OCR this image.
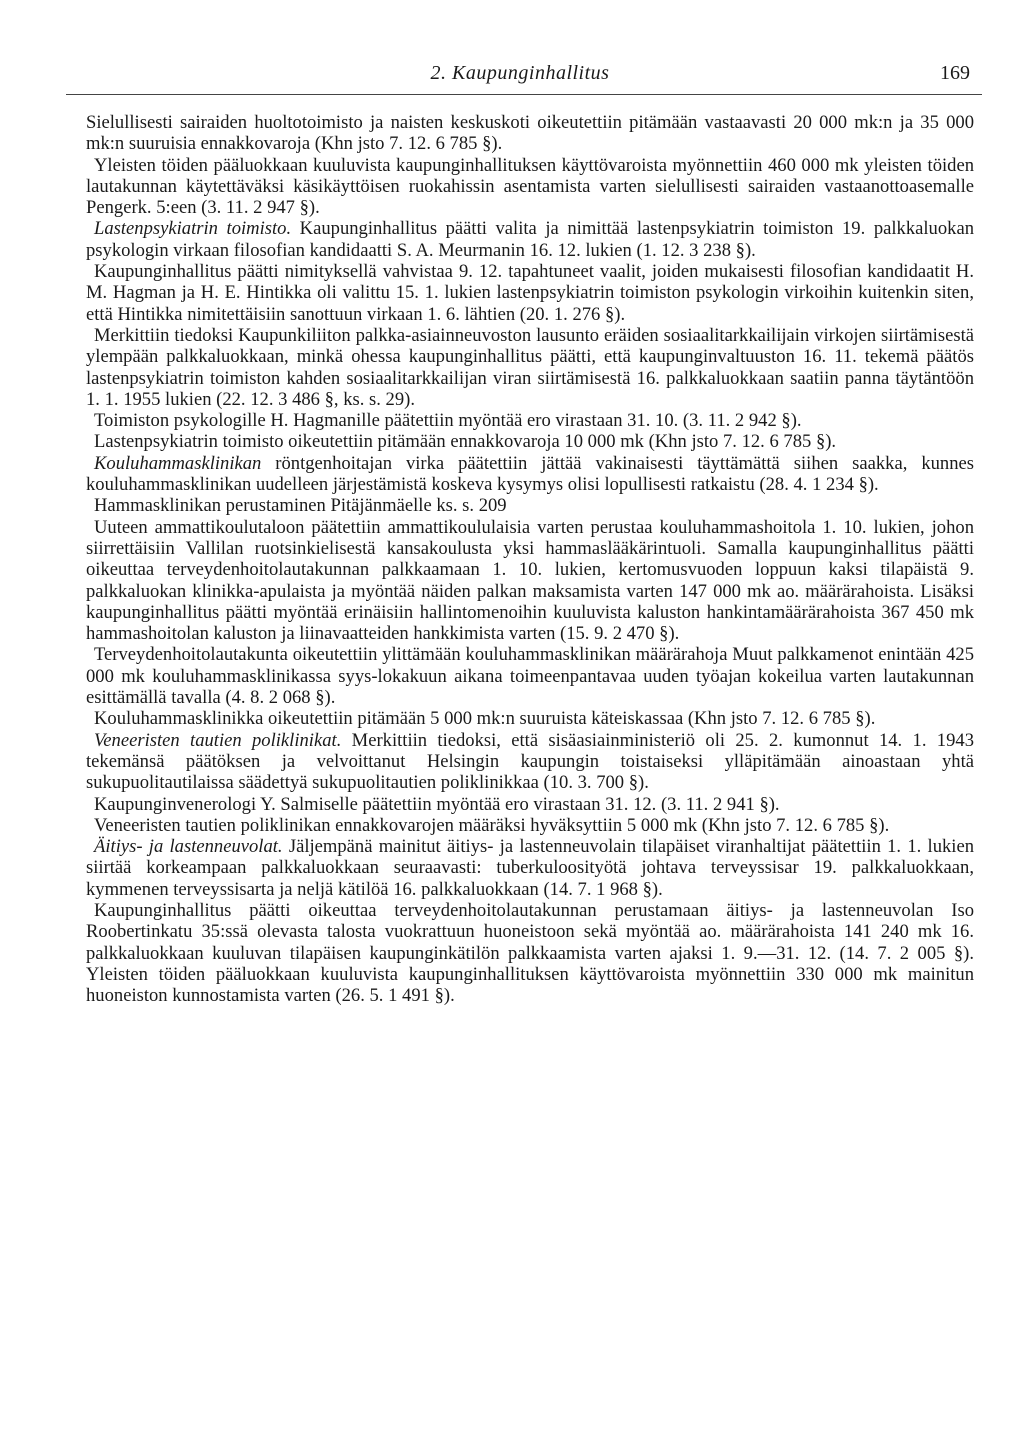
2. Kaupunginhallitus	169

Sielullisesti sairaiden huoltotoimisto ja naisten keskuskoti oikeutettiin pitämään vastaavasti 20 000 mk:n ja 35 000 mk:n suuruisia ennakkovaroja (Khn jsto 7. 12. 6 785 §).

Yleisten töiden pääluokkaan kuuluvista kaupunginhallituksen käyttövaroista myönnettiin 460 000 mk yleisten töiden lautakunnan käytettäväksi käsikäyttöisen ruokahissin asentamista varten sielullisesti sairaiden vastaanottoasemalle Pengerk. 5:een (3. 11. 2 947 §).

Lastenpsykiatrin toimisto. Kaupunginhallitus päätti valita ja nimittää lastenpsykiatrin toimiston 19. palkkaluokan psykologin virkaan filosofian kandidaatti S. A. Meurmanin 16. 12. lukien (1. 12. 3 238 §).

Kaupunginhallitus päätti nimityksellä vahvistaa 9. 12. tapahtuneet vaalit, joiden mukaisesti filosofian kandidaatit H. M. Hagman ja H. E. Hintikka oli valittu 15. 1. lukien lastenpsykiatrin toimiston psykologin virkoihin kuitenkin siten, että Hintikka nimitettäisiin sanottuun virkaan 1. 6. lähtien (20. 1. 276 §).

Merkittiin tiedoksi Kaupunkiliiton palkka-asiainneuvoston lausunto eräiden sosiaalitarkkailijain virkojen siirtämisestä ylempään palkkaluokkaan, minkä ohessa kaupunginhallitus päätti, että kaupunginvaltuuston 16. 11. tekemä päätös lastenpsykiatrin toimiston kahden sosiaalitarkkailijan viran siirtämisestä 16. palkkaluokkaan saatiin panna täytäntöön 1. 1. 1955 lukien (22. 12. 3 486 §, ks. s. 29).

Toimiston psykologille H. Hagmanille päätettiin myöntää ero virastaan 31. 10. (3. 11. 2 942 §).

Lastenpsykiatrin toimisto oikeutettiin pitämään ennakkovaroja 10 000 mk (Khn jsto 7. 12. 6 785 §).

Kouluhammasklinikan röntgenhoitajan virka päätettiin jättää vakinaisesti täyttämättä siihen saakka, kunnes kouluhammasklinikan uudelleen järjestämistä koskeva kysymys olisi lopullisesti ratkaistu (28. 4. 1 234 §).

Hammasklinikan perustaminen Pitäjänmäelle ks. s. 209

Uuteen ammattikoulutaloon päätettiin ammattikoululaisia varten perustaa kouluhammashoitola 1. 10. lukien, johon siirrettäisiin Vallilan ruotsinkielisestä kansakoulusta yksi hammaslääkärintuoli. Samalla kaupunginhallitus päätti oikeuttaa terveydenhoitolautakunnan palkkaamaan 1. 10. lukien, kertomusvuoden loppuun kaksi tilapäistä 9. palkkaluokan klinikka-apulaista ja myöntää näiden palkan maksamista varten 147 000 mk ao. määrärahoista. Lisäksi kaupunginhallitus päätti myöntää erinäisiin hallintomenoihin kuuluvista kaluston hankintamäärärahoista 367 450 mk hammashoitolan kaluston ja liinavaatteiden hankkimista varten (15. 9. 2 470 §).

Terveydenhoitolautakunta oikeutettiin ylittämään kouluhammasklinikan määrärahoja Muut palkkamenot enintään 425 000 mk kouluhammasklinikassa syys-lokakuun aikana toimeenpantavaa uuden työajan kokeilua varten lautakunnan esittämällä tavalla (4. 8. 2 068 §).

Kouluhammasklinikka oikeutettiin pitämään 5 000 mk:n suuruista käteiskassaa (Khn jsto 7. 12. 6 785 §).

Veneeristen tautien poliklinikat. Merkittiin tiedoksi, että sisäasiainministeriö oli 25. 2. kumonnut 14. 1. 1943 tekemänsä päätöksen ja velvoittanut Helsingin kaupungin toistaiseksi ylläpitämään ainoastaan yhtä sukupuolitautilaissa säädettyä sukupuolitautien poliklinikkaa (10. 3. 700 §).

Kaupunginvenerologi Y. Salmiselle päätettiin myöntää ero virastaan 31. 12. (3. 11. 2 941 §).

Veneeristen tautien poliklinikan ennakkovarojen määräksi hyväksyttiin 5 000 mk (Khn jsto 7. 12. 6 785 §).

Äitiys- ja lastenneuvolat. Jäljempänä mainitut äitiys- ja lastenneuvolain tilapäiset viranhaltijat päätettiin 1. 1. lukien siirtää korkeampaan palkkaluokkaan seuraavasti: tuberkuloosityötä johtava terveyssisar 19. palkkaluokkaan, kymmenen terveyssisarta ja neljä kätilöä 16. palkkaluokkaan (14. 7. 1 968 §).

Kaupunginhallitus päätti oikeuttaa terveydenhoitolautakunnan perustamaan äitiys- ja lastenneuvolan Iso Roobertinkatu 35:ssä olevasta talosta vuokrattuun huoneistoon sekä myöntää ao. määrärahoista 141 240 mk 16. palkkaluokkaan kuuluvan tilapäisen kaupunginkätilön palkkaamista varten ajaksi 1. 9.—31. 12. (14. 7. 2 005 §). Yleisten töiden pääluokkaan kuuluvista kaupunginhallituksen käyttövaroista myönnettiin 330 000 mk mainitun huoneiston kunnostamista varten (26. 5. 1 491 §).
